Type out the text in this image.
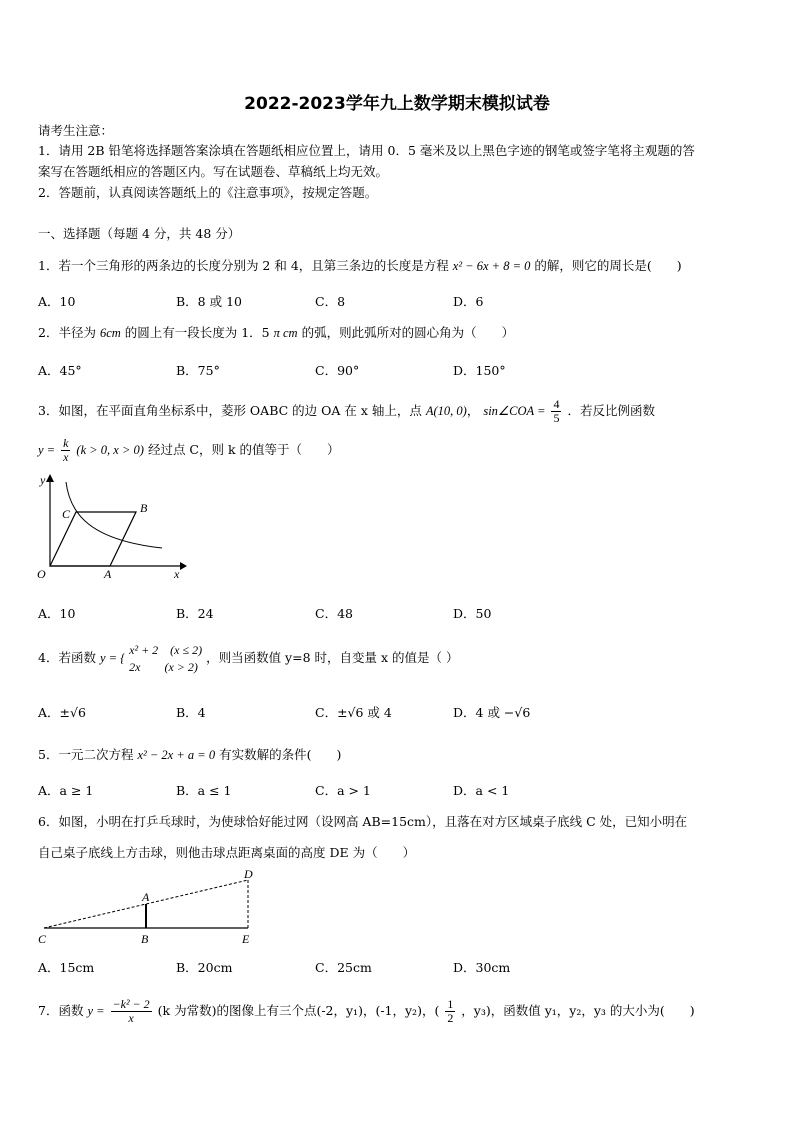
2022-2023学年九上数学期末模拟试卷
请考生注意：
1．请用 2B 铅笔将选择题答案涂填在答题纸相应位置上，请用 0．5 毫米及以上黑色字迹的钢笔或签字笔将主观题的答
案写在答题纸相应的答题区内。写在试题卷、草稿纸上均无效。
2．答题前，认真阅读答题纸上的《注意事项》，按规定答题。
一、选择题（每题 4 分，共 48 分）
1．若一个三角形的两条边的长度分别为 2 和 4，且第三条边的长度是方程 x² − 6x + 8 = 0 的解，则它的周长是(　　)
A．10	B．8 或 10	C．8	D．6
2．半径为 6cm 的圆上有一段长度为 1．5 π cm 的弧，则此弧所对的圆心角为（　　）
A．45°	B．75°	C．90°	D．150°
3．如图，在平面直角坐标系中，菱形 OABC 的边 OA 在 x 轴上，点 A(10, 0)， sin∠COA = $\frac{4}{5}$ ．若反比例函数
$y = \frac{k}{x} (k > 0$, x > 0) 经过点 C，则 k 的值等于（　　）
y
x
O	A
B
C
A．10	B．24	C．48	D．50
4．若函数 y = {
x² + 2　(x ≤ 2)
2x　　(x > 2)
，则当函数值 y=8 时，自变量 x 的值是（ ）
A．±√6	B．4	C．±√6 或 4	D．4 或 −√6
5．一元二次方程 x² − 2x + a = 0 有实数解的条件(　　)
A．a ≥ 1	B．a ≤ 1	C．a > 1	D．a < 1
6．如图，小明在打乒乓球时，为使球恰好能过网（设网高 AB=15cm），且落在对方区域桌子底线 C 处，已知小明在
自己桌子底线上方击球，则他击球点距离桌面的高度 DE 为（　　）
C	B	E
A
D
A．15cm	B．20cm	C．25cm	D．30cm
7．函数 $y = \frac{\text{−k² − 2}}{x} (k$ 为常数)的图像上有三个点(-2，y₁)，(-1，y₂)，( $\frac{1}{2}$ ，y₃)，函数值 y₁，y₂，y₃ 的大小为(　　)
